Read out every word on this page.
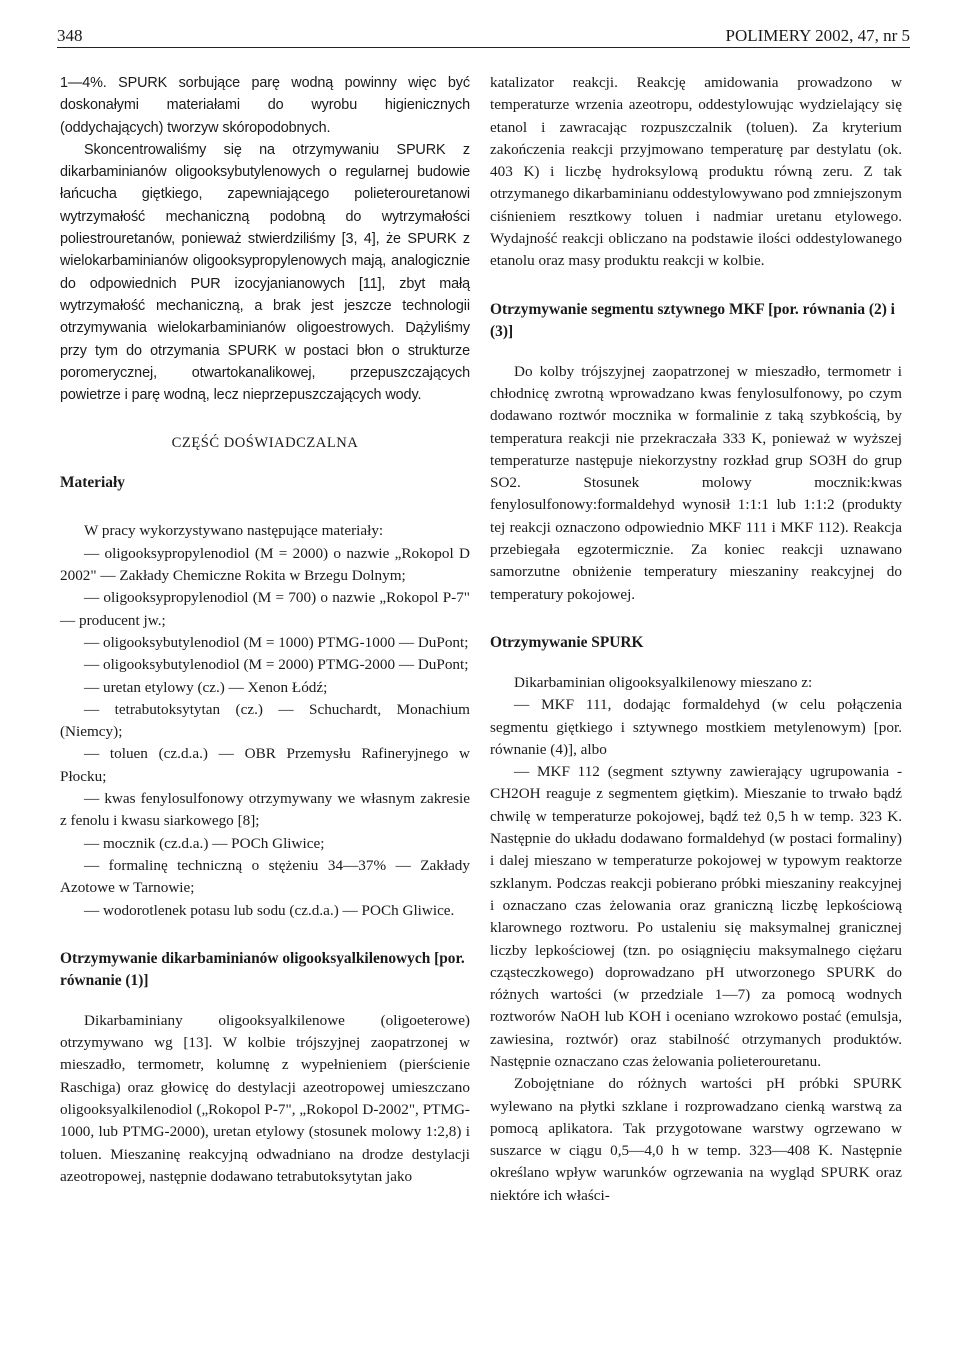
348	POLIMERY 2002, 47, nr 5

1—4%. SPURK sorbujące parę wodną powinny więc być doskonałymi materiałami do wyrobu higienicznych (oddychających) tworzyw skóropodobnych.

Skoncentrowaliśmy się na otrzymywaniu SPURK z dikarbaminianów oligooksybutylenowych o regularnej budowie łańcucha giętkiego, zapewniającego polieterouretanowi wytrzymałość mechaniczną podobną do wytrzymałości poliestrouretanów, ponieważ stwierdziliśmy [3, 4], że SPURK z wielokarbaminianów oligooksypropylenowych mają, analogicznie do odpowiednich PUR izocyjanianowych [11], zbyt małą wytrzymałość mechaniczną, a brak jest jeszcze technologii otrzymywania wielokarbaminianów oligoestrowych. Dążyliśmy przy tym do otrzymania SPURK w postaci błon o strukturze poromerycznej, otwartokanalikowej, przepuszczających powietrze i parę wodną, lecz nieprzepuszczających wody.

CZĘŚĆ DOŚWIADCZALNA
Materiały

W pracy wykorzystywano następujące materiały:

— oligooksypropylenodiol (M = 2000) o nazwie „Rokopol D 2002" — Zakłady Chemiczne Rokita w Brzegu Dolnym;

— oligooksypropylenodiol (M = 700) o nazwie „Rokopol P-7" — producent jw.;

— oligooksybutylenodiol (M = 1000) PTMG-1000 — DuPont;

— oligooksybutylenodiol (M = 2000) PTMG-2000 — DuPont;

— uretan etylowy (cz.) — Xenon Łódź;

— tetrabutoksytytan (cz.) — Schuchardt, Monachium (Niemcy);

— toluen (cz.d.a.) — OBR Przemysłu Rafineryjnego w Płocku;

— kwas fenylosulfonowy otrzymywany we własnym zakresie z fenolu i kwasu siarkowego [8];

— mocznik (cz.d.a.) — POCh Gliwice;

— formalinę techniczną o stężeniu 34—37% — Zakłady Azotowe w Tarnowie;

— wodorotlenek potasu lub sodu (cz.d.a.) — POCh Gliwice.

Otrzymywanie dikarbaminianów oligooksyalkilenowych [por. równanie (1)]

Dikarbaminiany oligooksyalkilenowe (oligoeterowe) otrzymywano wg [13]. W kolbie trójszyjnej zaopatrzonej w mieszadło, termometr, kolumnę z wypełnieniem (pierścienie Raschiga) oraz głowicę do destylacji azeotropowej umieszczano oligooksyalkilenodiol („Rokopol P-7", „Rokopol D-2002", PTMG-1000, lub PTMG-2000), uretan etylowy (stosunek molowy 1:2,8) i toluen. Mieszaninę reakcyjną odwadniano na drodze destylacji azeotropowej, następnie dodawano tetrabutoksytytan jako

katalizator reakcji. Reakcję amidowania prowadzono w temperaturze wrzenia azeotropu, oddestylowując wydzielający się etanol i zawracając rozpuszczalnik (toluen). Za kryterium zakończenia reakcji przyjmowano temperaturę par destylatu (ok. 403 K) i liczbę hydroksylową produktu równą zeru. Z tak otrzymanego dikarbaminianu oddestylowywano pod zmniejszonym ciśnieniem resztkowy toluen i nadmiar uretanu etylowego. Wydajność reakcji obliczano na podstawie ilości oddestylowanego etanolu oraz masy produktu reakcji w kolbie.

Otrzymywanie segmentu sztywnego MKF [por. równania (2) i (3)]

Do kolby trójszyjnej zaopatrzonej w mieszadło, termometr i chłodnicę zwrotną wprowadzano kwas fenylosulfonowy, po czym dodawano roztwór mocznika w formalinie z taką szybkością, by temperatura reakcji nie przekraczała 333 K, ponieważ w wyższej temperaturze następuje niekorzystny rozkład grup SO3H do grup SO2. Stosunek molowy mocznik:kwas fenylosulfonowy:formaldehyd wynosił 1:1:1 lub 1:1:2 (produkty tej reakcji oznaczono odpowiednio MKF 111 i MKF 112). Reakcja przebiegała egzotermicznie. Za koniec reakcji uznawano samorzutne obniżenie temperatury mieszaniny reakcyjnej do temperatury pokojowej.

Otrzymywanie SPURK

Dikarbaminian oligooksyalkilenowy mieszano z:

— MKF 111, dodając formaldehyd (w celu połączenia segmentu giętkiego i sztywnego mostkiem metylenowym) [por. równanie (4)], albo

— MKF 112 (segment sztywny zawierający ugrupowania -CH2OH reaguje z segmentem giętkim). Mieszanie to trwało bądź chwilę w temperaturze pokojowej, bądź też 0,5 h w temp. 323 K. Następnie do układu dodawano formaldehyd (w postaci formaliny) i dalej mieszano w temperaturze pokojowej w typowym reaktorze szklanym. Podczas reakcji pobierano próbki mieszaniny reakcyjnej i oznaczano czas żelowania oraz graniczną liczbę lepkościową klarownego roztworu. Po ustaleniu się maksymalnej granicznej liczby lepkościowej (tzn. po osiągnięciu maksymalnego ciężaru cząsteczkowego) doprowadzano pH utworzonego SPURK do różnych wartości (w przedziale 1—7) za pomocą wodnych roztworów NaOH lub KOH i oceniano wzrokowo postać (emulsja, zawiesina, roztwór) oraz stabilność otrzymanych produktów. Następnie oznaczano czas żelowania polieterouretanu.

Zobojętniane do różnych wartości pH próbki SPURK wylewano na płytki szklane i rozprowadzano cienką warstwą za pomocą aplikatora. Tak przygotowane warstwy ogrzewano w suszarce w ciągu 0,5—4,0 h w temp. 323—408 K. Następnie określano wpływ warunków ogrzewania na wygląd SPURK oraz niektóre ich właści-
